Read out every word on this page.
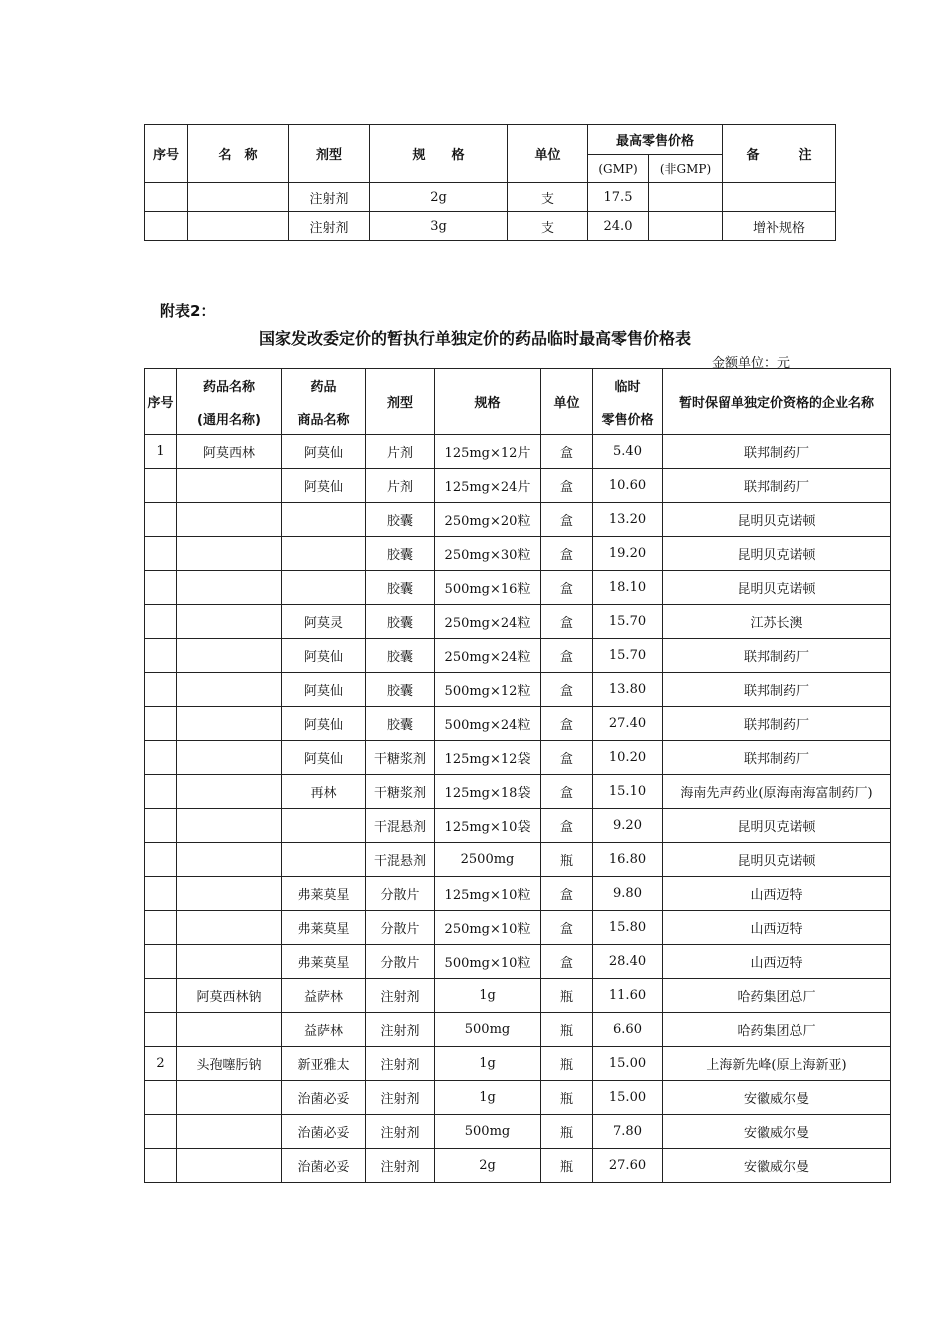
序号	名　称	剂型	规　　格	单位	最高零售价格		备　　　注
					(GMP)	(非GMP)	
		注射剂	2g	支	17.5		
		注射剂	3g	支	24.0		增补规格
附表2：
国家发改委定价的暂执行单独定价的药品临时最高零售价格表
金额单位：元
序号	药品名称	药品	剂型	规格	单位	临时	暂时保留单独定价资格的企业名称
	(通用名称)	商品名称				零售价格	
1	阿莫西林	阿莫仙	片剂	125mg×12片	盒	5.40	联邦制药厂
		阿莫仙	片剂	125mg×24片	盒	10.60	联邦制药厂
			胶囊	250mg×20粒	盒	13.20	昆明贝克诺顿
			胶囊	250mg×30粒	盒	19.20	昆明贝克诺顿
			胶囊	500mg×16粒	盒	18.10	昆明贝克诺顿
		阿莫灵	胶囊	250mg×24粒	盒	15.70	江苏长澳
		阿莫仙	胶囊	250mg×24粒	盒	15.70	联邦制药厂
		阿莫仙	胶囊	500mg×12粒	盒	13.80	联邦制药厂
		阿莫仙	胶囊	500mg×24粒	盒	27.40	联邦制药厂
		阿莫仙	干糖浆剂	125mg×12袋	盒	10.20	联邦制药厂
		再林	干糖浆剂	125mg×18袋	盒	15.10	海南先声药业(原海南海富制药厂)
			干混悬剂	125mg×10袋	盒	9.20	昆明贝克诺顿
			干混悬剂	2500mg	瓶	16.80	昆明贝克诺顿
		弗莱莫星	分散片	125mg×10粒	盒	9.80	山西迈特
		弗莱莫星	分散片	250mg×10粒	盒	15.80	山西迈特
		弗莱莫星	分散片	500mg×10粒	盒	28.40	山西迈特
	阿莫西林钠	益萨林	注射剂	1g	瓶	11.60	哈药集团总厂
		益萨林	注射剂	500mg	瓶	6.60	哈药集团总厂
2	头孢噻肟钠	新亚雅太	注射剂	1g	瓶	15.00	上海新先峰(原上海新亚)
		治菌必妥	注射剂	1g	瓶	15.00	安徽威尔曼
		治菌必妥	注射剂	500mg	瓶	7.80	安徽威尔曼
		治菌必妥	注射剂	2g	瓶	27.60	安徽威尔曼
